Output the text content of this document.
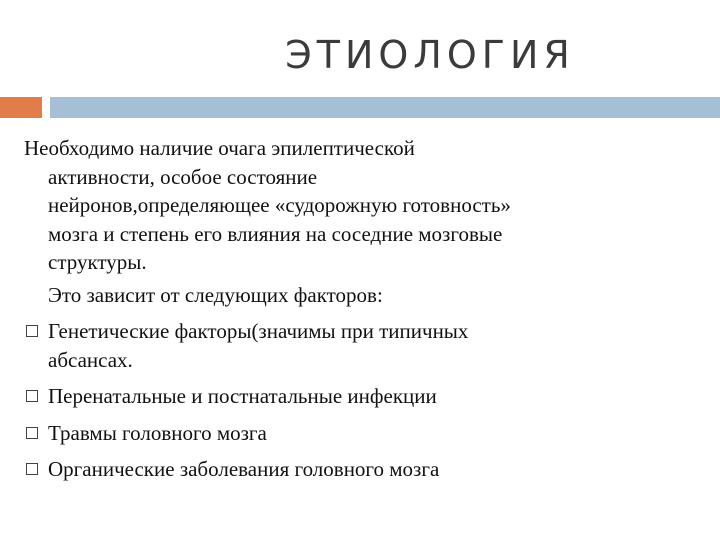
ЭТИОЛОГИЯ

Необходимо наличие очага эпилептической
активности, особое состояние
нейронов,определяющее «судорожную готовность»
мозга и степень его влияния на соседние мозговые
структуры.

Это зависит от следующих факторов:
Генетические факторы(значимы при типичных
абсансах.
Перенатальные и постнатальные инфекции
Травмы головного мозга
Органические заболевания головного мозга
